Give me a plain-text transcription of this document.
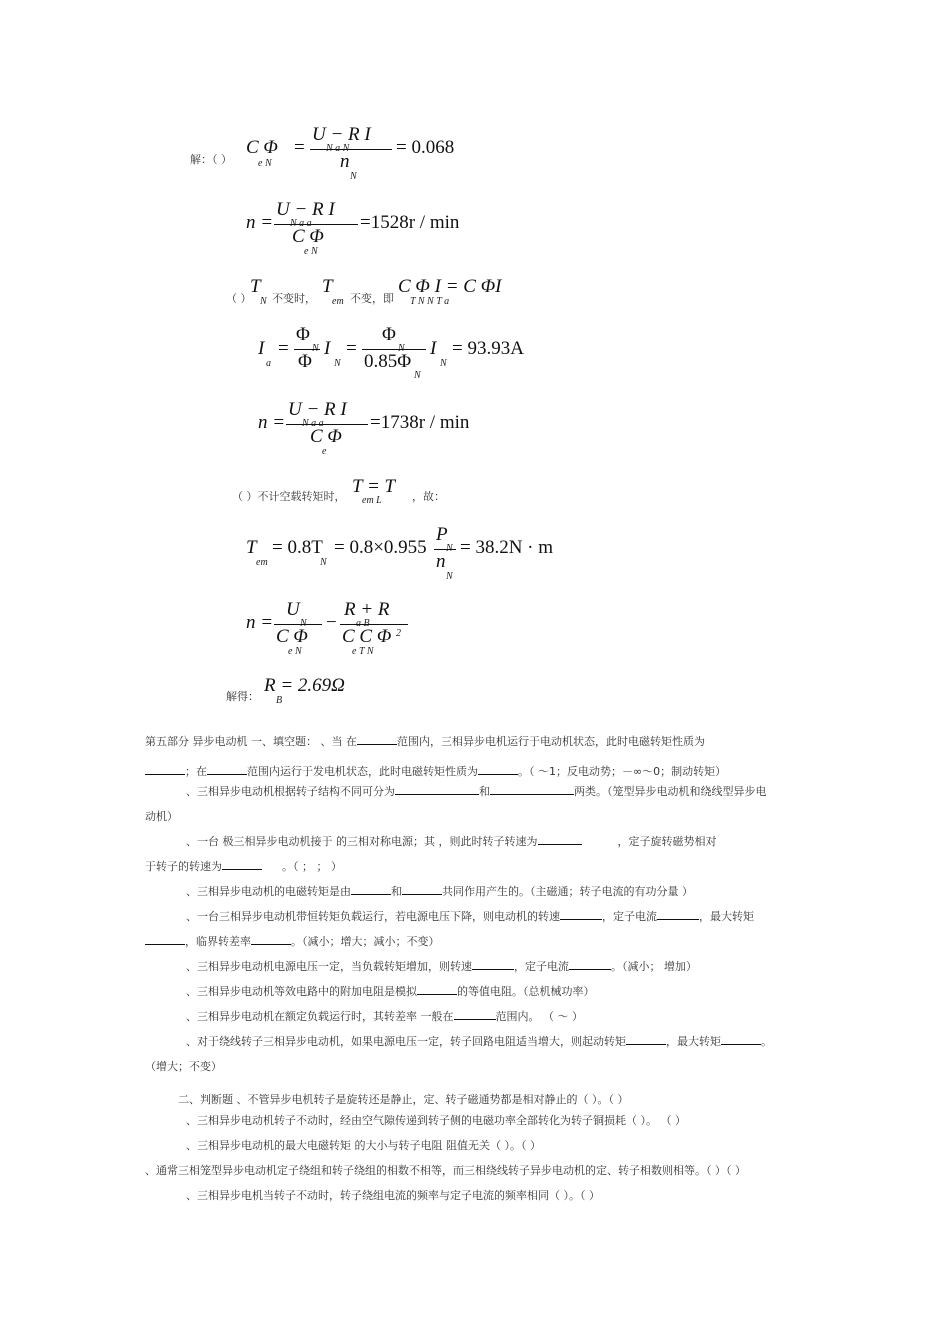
解：（ ）
C Φ
e N
=
U − R I
n
N
= 0.068
n =
U − R I
C Φ
e N
=1528r / min
（ ）
T
N 不变时，
T
em 不变，即
C Φ I = C ΦI
T N N T a
I
a
=
Φ
Φ
I
N
=
Φ
0.85Φ
N
I
N
= 93.93A
n =
U − R I
C Φ
e
=1738r / min
（ ）不计空载转矩时， T = T
em L	，故：
T
em
= 0.8T
N
= 0.8×0.955
P
n
N
= 38.2N · m
n =
U
C Φ
e N
−
R + R
C C Φ 2
e T N
解得：
R = 2.69Ω
B
第五部分 异步电动机 一、填空题： 、当 在	范围内，三相异步电机运行于电动机状态，此时电磁转矩性质为
；在	范围内运行于发电机状态，此时电磁转矩性质为	。（ ～1；反电动势；－∞～0；制动转矩）
、三相异步电动机根据转子结构不同可分为	和	两类。（笼型异步电动机和绕线型异步电
动机）
、一台 极三相异步电动机接于 的三相对称电源；其 ，则此时转子转速为	，定子旋转磁势相对
于转子的转速为	。（ ； ； ）
、三相异步电动机的电磁转矩是由	和	共同作用产生的。（主磁通；转子电流的有功分量 ）
、一台三相异步电动机带恒转矩负载运行，若电源电压下降，则电动机的转速	，定子电流	，最大转矩
，临界转差率	。（减小；增大；减小；不变）
、三相异步电动机电源电压一定，当负载转矩增加，则转速	，定子电流	。（减小； 增加）
、三相异步电动机等效电路中的附加电阻是模拟	的等值电阻。（总机械功率）
、三相异步电动机在额定负载运行时，其转差率 一般在	范围内。 （ ～ ）
、对于绕线转子三相异步电动机，如果电源电压一定，转子回路电阻适当增大，则起动转矩	，最大转矩	。
（增大；不变）
二、判断题 、不管异步电机转子是旋转还是静止，定、转子磁通势都是相对静止的（ ）。（ ）
、三相异步电动机转子不动时，经由空气隙传递到转子侧的电磁功率全部转化为转子铜损耗（ ）。 （ ）
、三相异步电动机的最大电磁转矩 的大小与转子电阻 阻值无关（ ）。（ ）
、通常三相笼型异步电动机定子绕组和转子绕组的相数不相等，而三相绕线转子异步电动机的定、转子相数则相等。（ ）（ ）
、三相异步电机当转子不动时，转子绕组电流的频率与定子电流的频率相同（ ）。（ ）
